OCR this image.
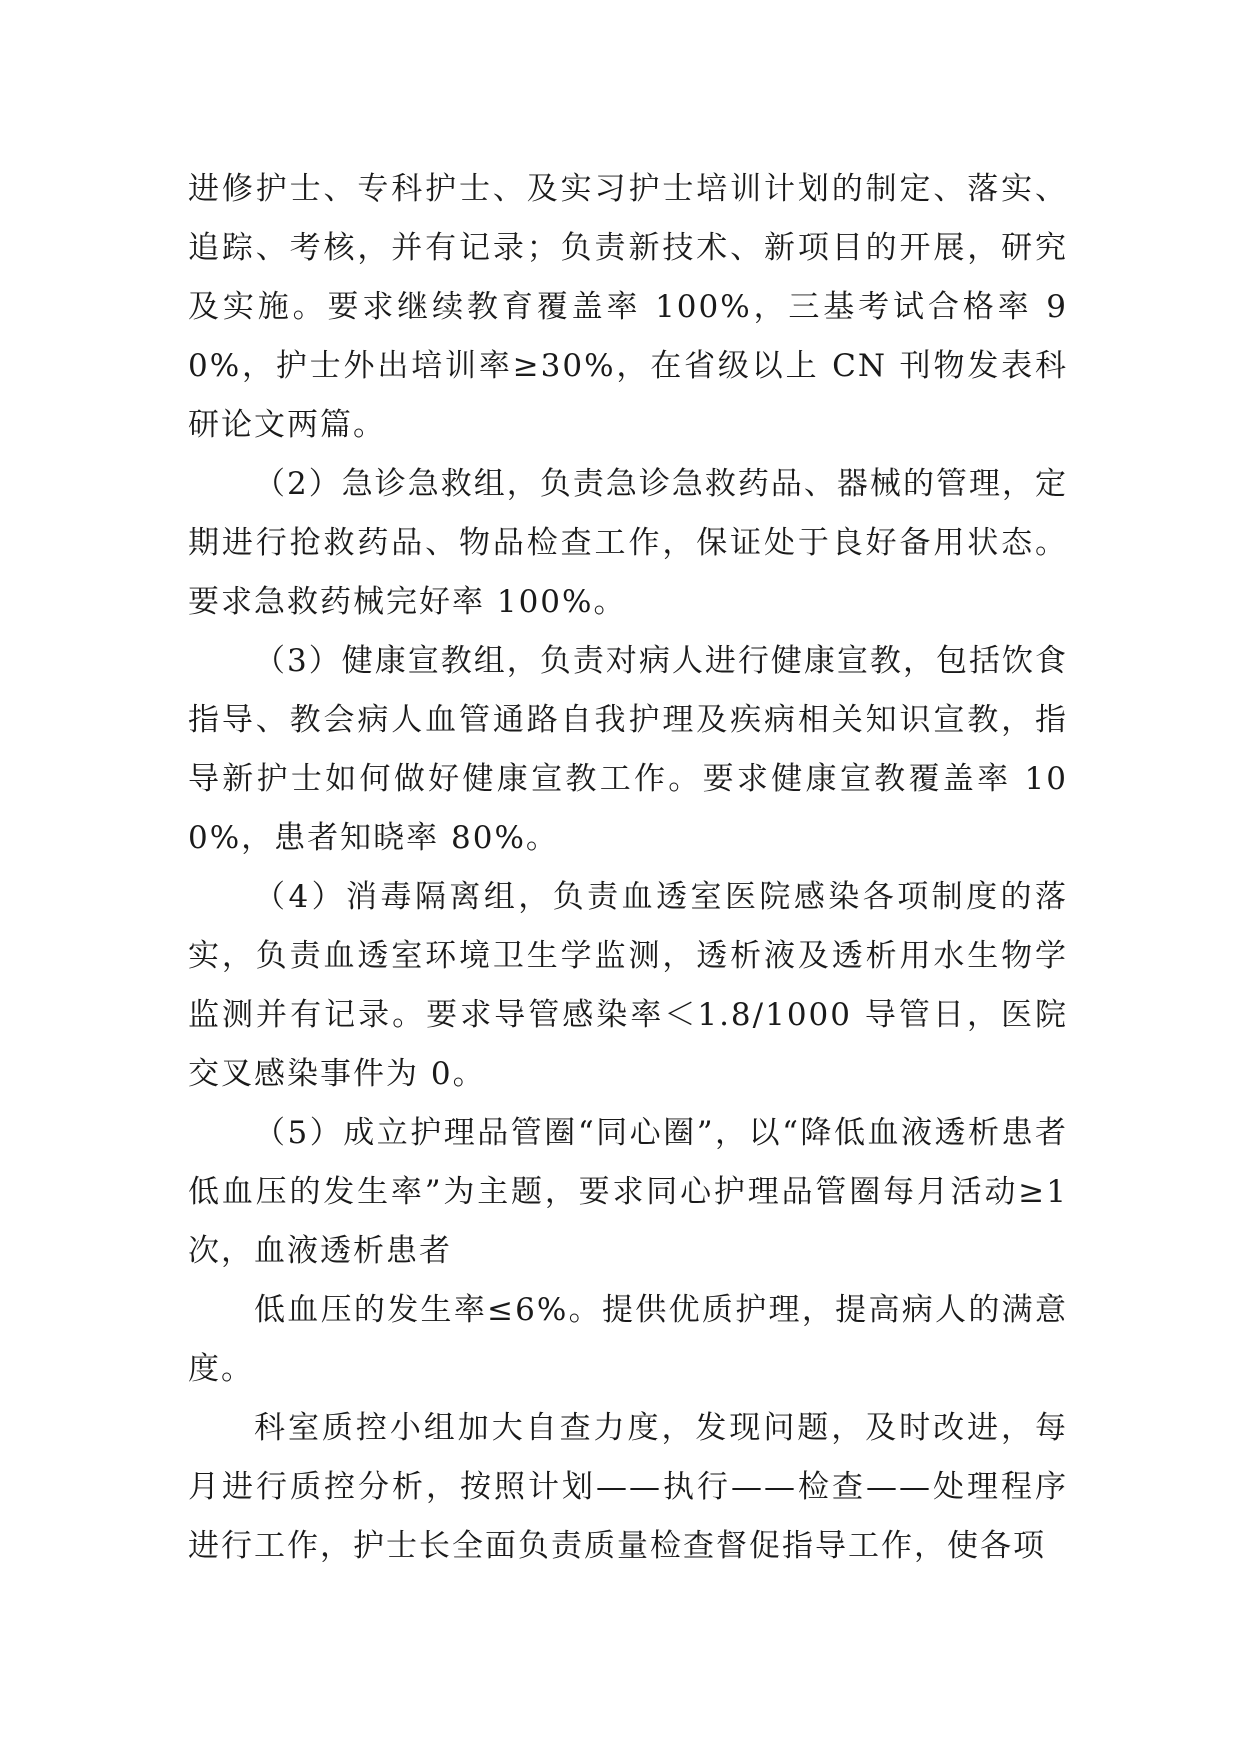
进修护士、专科护士、及实习护士培训计划的制定、落实、追踪、考核，并有记录；负责新技术、新项目的开展，研究及实施。要求继续教育覆盖率 100%，三基考试合格率 90%，护士外出培训率≥30%，在省级以上 CN 刊物发表科研论文两篇。

（2）急诊急救组，负责急诊急救药品、器械的管理，定期进行抢救药品、物品检查工作，保证处于良好备用状态。要求急救药械完好率 100%。

（3）健康宣教组，负责对病人进行健康宣教，包括饮食指导、教会病人血管通路自我护理及疾病相关知识宣教，指导新护士如何做好健康宣教工作。要求健康宣教覆盖率 100%，患者知晓率 80%。

（4）消毒隔离组，负责血透室医院感染各项制度的落实，负责血透室环境卫生学监测，透析液及透析用水生物学监测并有记录。要求导管感染率＜1.8/1000 导管日，医院交叉感染事件为 0。

（5）成立护理品管圈“同心圈”，以“降低血液透析患者低血压的发生率”为主题，要求同心护理品管圈每月活动≥1 次，血液透析患者

低血压的发生率≤6%。提供优质护理，提高病人的满意度。

科室质控小组加大自查力度，发现问题，及时改进，每月进行质控分析，按照计划——执行——检查——处理程序进行工作，护士长全面负责质量检查督促指导工作，使各项
